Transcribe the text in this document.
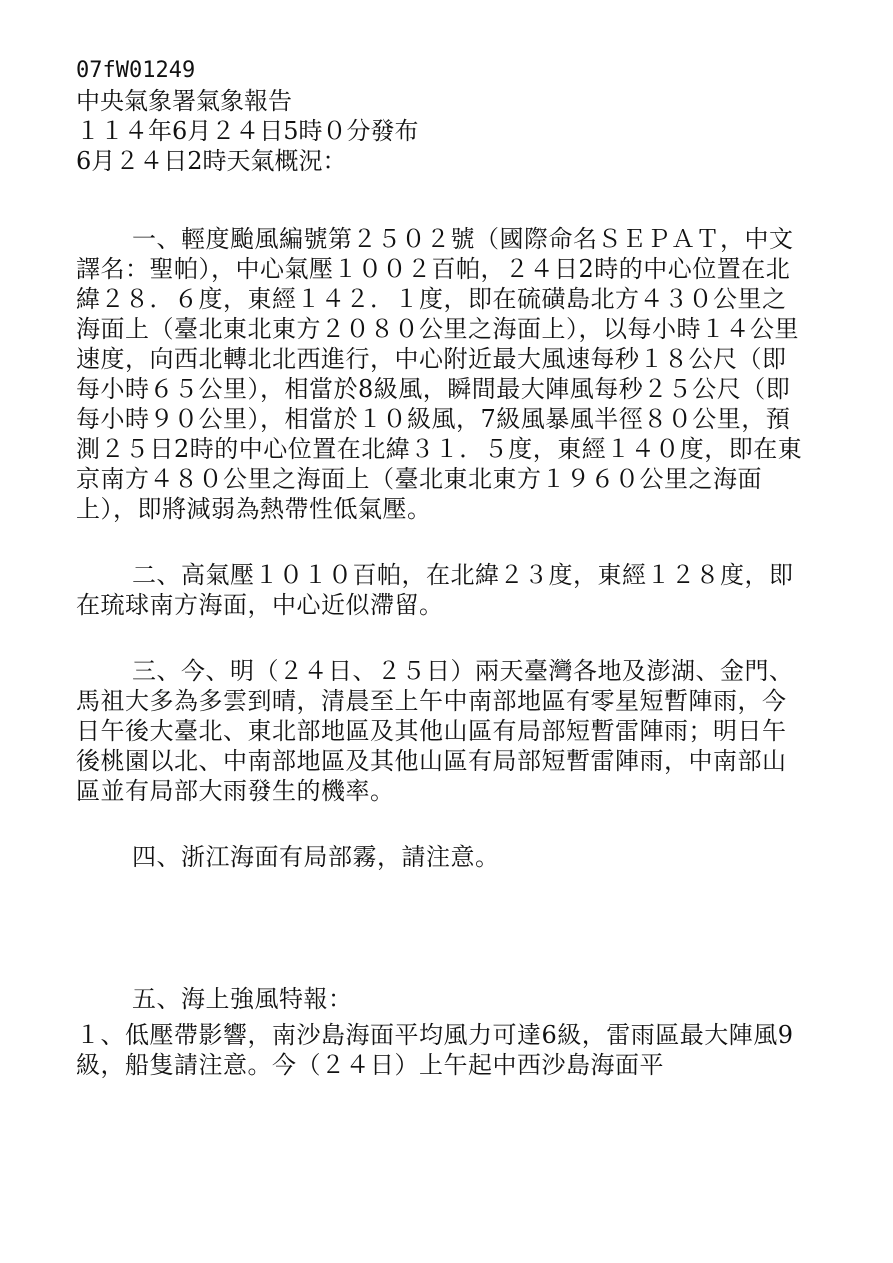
07fW01249
中央氣象署氣象報告
１１４年6月２４日5時０分發布
6月２４日2時天氣概況：

一、輕度颱風編號第２５０２號（國際命名ＳＥＰＡＴ，中文譯名：聖帕），中心氣壓１００２百帕，２４日2時的中心位置在北緯２８．６度，東經１４２．１度，即在硫磺島北方４３０公里之海面上（臺北東北東方２０８０公里之海面上），以每小時１４公里速度，向西北轉北北西進行，中心附近最大風速每秒１８公尺（即每小時６５公里），相當於8級風，瞬間最大陣風每秒２５公尺（即每小時９０公里），相當於１０級風，7級風暴風半徑８０公里，預測２５日2時的中心位置在北緯３１．５度，東經１４０度，即在東京南方４８０公里之海面上（臺北東北東方１９６０公里之海面上），即將減弱為熱帶性低氣壓。

二、高氣壓１０１０百帕，在北緯２３度，東經１２８度，即在琉球南方海面，中心近似滯留。

三、今、明（２４日、２５日）兩天臺灣各地及澎湖、金門、馬祖大多為多雲到晴，清晨至上午中南部地區有零星短暫陣雨，今日午後大臺北、東北部地區及其他山區有局部短暫雷陣雨；明日午後桃園以北、中南部地區及其他山區有局部短暫雷陣雨，中南部山區並有局部大雨發生的機率。

四、浙江海面有局部霧，請注意。

五、海上強風特報：

１、低壓帶影響，南沙島海面平均風力可達6級，雷雨區最大陣風9級，船隻請注意。今（２４日）上午起中西沙島海面平
